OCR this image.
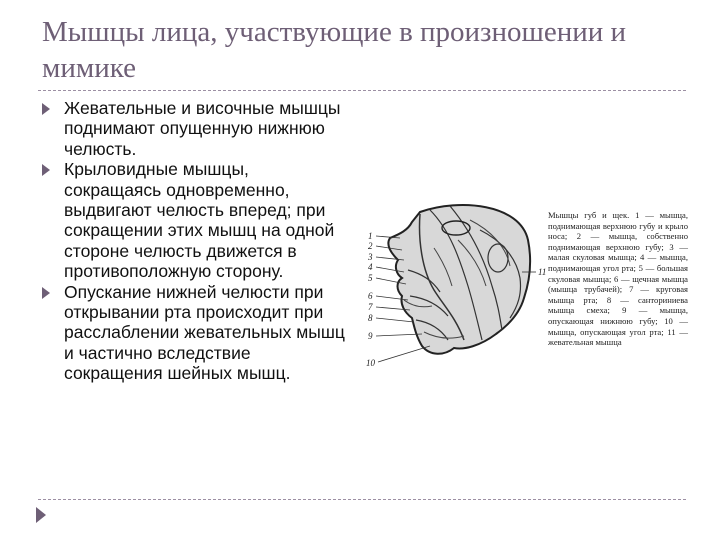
Мышцы лица, участвующие в произношении и мимике
Жевательные и височные мышцы поднимают опущенную нижнюю челюсть.
Крыловидные мышцы, сокращаясь одновременно, выдвигают челюсть вперед; при сокращении этих мышц на одной стороне челюсть движется в противоположную сторону.
Опускание нижней челюсти при открывании рта происходит при расслаблении жевательных мышц и частично вследствие сокращения шейных мышц.
1
2
3
4
5
6
7
8
9
10
11

Мышцы губ и щек. 1 — мышца, поднимающая верхнюю губу и крыло носа; 2 — мышца, собственно поднимающая верхнюю губу; 3 — малая скуловая мышца; 4 — мышца, поднимающая угол рта; 5 — большая скуловая мышца; 6 — щечная мышца (мышца трубачей); 7 — круговая мышца рта; 8 — санториниева мышца смеха; 9 — мышца, опускающая нижнюю губу; 10 — мышца, опускающая угол рта; 11 — жевательная мышца
